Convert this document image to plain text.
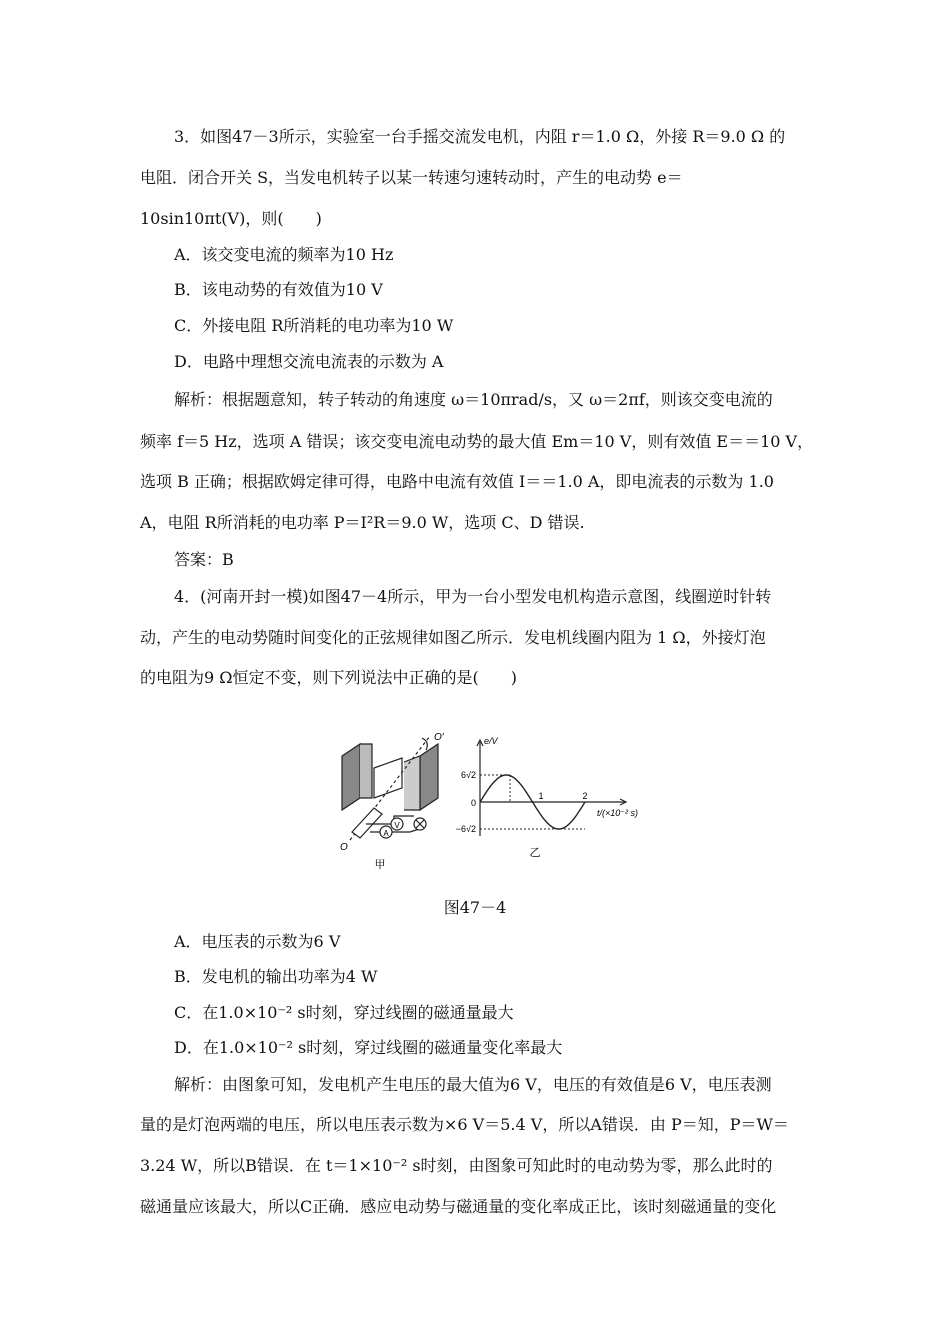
3．如图47－3所示，实验室一台手摇交流发电机，内阻 r＝1.0 Ω，外接 R＝9.0 Ω 的
电阻．闭合开关 S，当发电机转子以某一转速匀速转动时，产生的电动势 e＝
10sin10πt(V)，则(　　)
A．该交变电流的频率为10 Hz
B．该电动势的有效值为10 V
C．外接电阻 R所消耗的电功率为10 W
D．电路中理想交流电流表的示数为 A
解析：根据题意知，转子转动的角速度 ω＝10πrad/s，又 ω＝2πf，则该交变电流的
频率 f＝5 Hz，选项 A 错误；该交变电流电动势的最大值 Em＝10 V，则有效值 E＝＝10 V，
选项 B 正确；根据欧姆定律可得，电路中电流有效值 I＝＝1.0 A，即电流表的示数为 1.0
A，电阻 R所消耗的电功率 P＝I²R＝9.0 W，选项 C、D 错误.
答案：B
4．(河南开封一模)如图47－4所示，甲为一台小型发电机构造示意图，线圈逆时针转
动，产生的电动势随时间变化的正弦规律如图乙所示．发电机线圈内阻为 1 Ω，外接灯泡
的电阻为9 Ω恒定不变，则下列说法中正确的是(　　)
V
A
O′
O
甲
e/V
t/(×10⁻² s)
6√2
−6√2
0
1	2
乙
图47－4
A．电压表的示数为6 V
B．发电机的输出功率为4 W
C．在1.0×10⁻² s时刻，穿过线圈的磁通量最大
D．在1.0×10⁻² s时刻，穿过线圈的磁通量变化率最大
解析：由图象可知，发电机产生电压的最大值为6 V，电压的有效值是6 V，电压表测
量的是灯泡两端的电压，所以电压表示数为×6 V＝5.4 V，所以A错误．由 P＝知，P＝W＝
3.24 W，所以B错误．在 t＝1×10⁻² s时刻，由图象可知此时的电动势为零，那么此时的
磁通量应该最大，所以C正确．感应电动势与磁通量的变化率成正比，该时刻磁通量的变化
